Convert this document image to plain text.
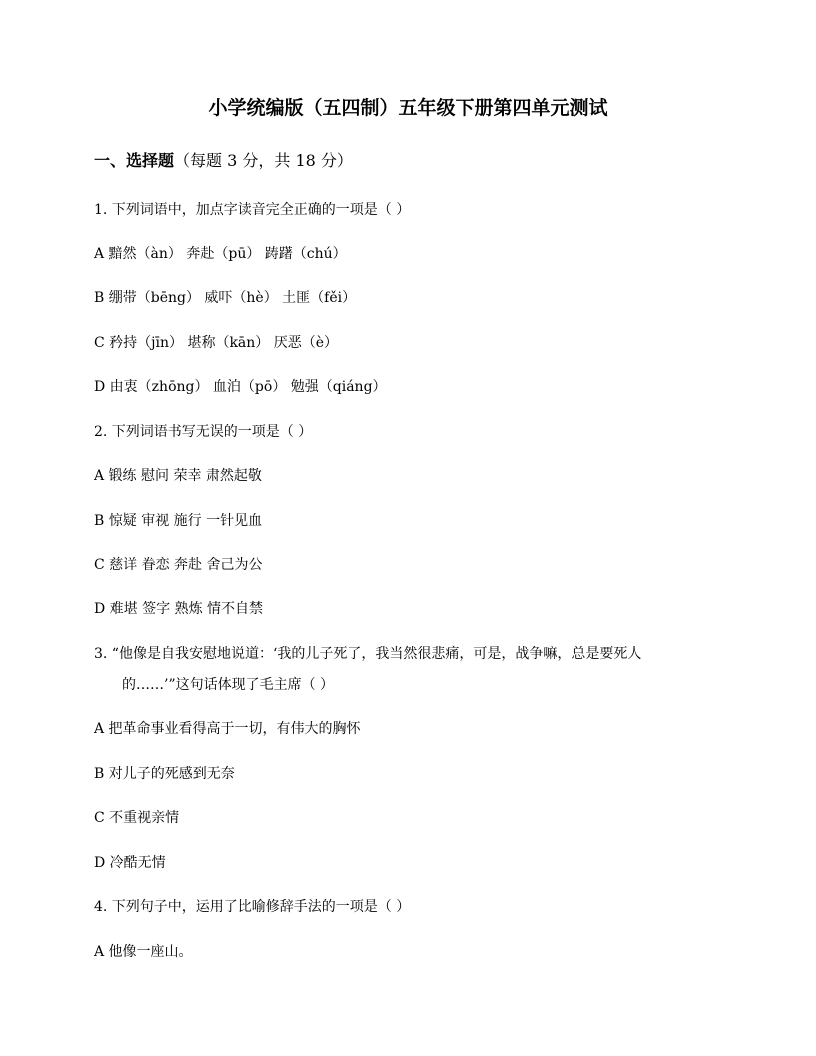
小学统编版（五四制）五年级下册第四单元测试
一、选择题（每题 3 分，共 18 分）
1. 下列词语中，加点字读音完全正确的一项是（ ）
A 黯然（àn） 奔赴（pū） 踌躇（chú）
B 绷带（bēng） 威吓（hè） 土匪（fěi）
C 矜持（jīn） 堪称（kān） 厌恶（è）
D 由衷（zhōng） 血泊（pō） 勉强（qiáng）
2. 下列词语书写无误的一项是（ ）
A 锻练 慰问 荣幸 肃然起敬
B 惊疑 审视 施行 一针见血
C 慈详 眷恋 奔赴 舍己为公
D 难堪 签字 熟炼 情不自禁
3. “他像是自我安慰地说道：‘我的儿子死了，我当然很悲痛，可是，战争嘛，总是要死人
的……’”这句话体现了毛主席（ ）
A 把革命事业看得高于一切，有伟大的胸怀
B 对儿子的死感到无奈
C 不重视亲情
D 冷酷无情
4. 下列句子中，运用了比喻修辞手法的一项是（ ）
A 他像一座山。
